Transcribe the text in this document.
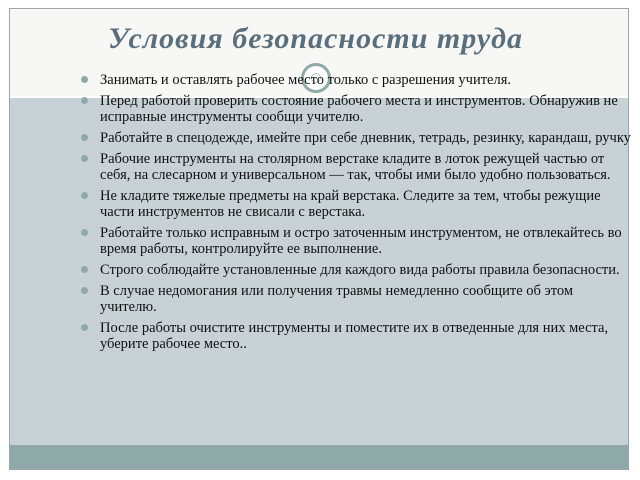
Условия безопасности труда
Занимать и оставлять рабочее место только с разрешения учителя.
Перед работой проверить состояние рабочего места и инструментов. Обнаружив не исправные инструменты сообщи учителю.
Работайте в спецодежде, имейте при себе дневник, тетрадь, резинку, карандаш, ручку
Рабочие инструменты на столярном верстаке кладите в лоток режущей частью от себя, на слесарном и универсальном — так, чтобы ими было удобно пользоваться.
Не кладите тяжелые предметы на край верстака. Следите за тем, чтобы режущие части инструментов не свисали с верстака.
Работайте только исправным и остро заточенным инструментом, не отвлекайтесь во время работы, контролируйте ее выполнение.
Строго соблюдайте установленные для каждого вида работы правила безопасности.
В случае недомогания или получения травмы немедленно сообщите об этом учителю.
После работы очистите инструменты и поместите их в отведенные для них места, уберите рабочее место..
